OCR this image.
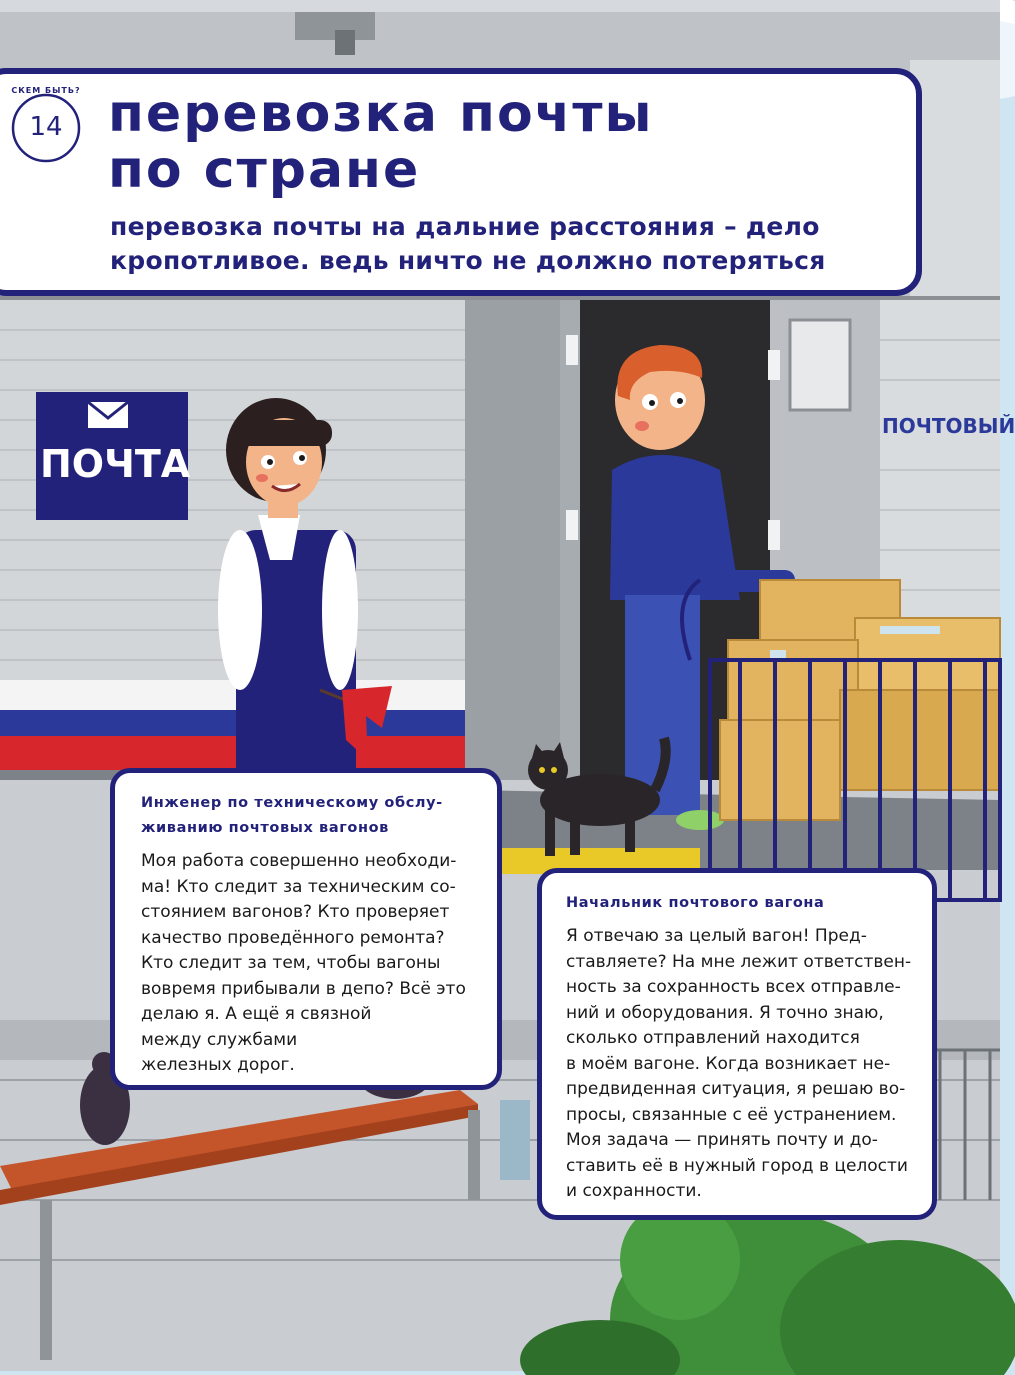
ПОЧТА
ПОЧТОВЫЙ
СКЕМ БЫТЬ?
14 перевозка почты
по стране
перевозка почты на дальние расстояния – дело
кропотливое. ведь ничто не должно потеряться
Инженер по техническому обслу-
живанию почтовых вагонов
Моя работа совершенно необходи-
ма! Кто следит за техническим со-
стоянием вагонов? Кто проверяет
качество проведённого ремонта?
Кто следит за тем, чтобы вагоны
вовремя прибывали в депо? Всё это
делаю я. А ещё я связной
между службами
железных дорог.
Начальник почтового вагона
Я отвечаю за целый вагон! Пред-
ставляете? На мне лежит ответствен-
ность за сохранность всех отправле-
ний и оборудования. Я точно знаю,
сколько отправлений находится
в моём вагоне. Когда возникает не-
предвиденная ситуация, я решаю во-
просы, связанные с её устранением.
Моя задача — принять почту и до-
ставить её в нужный город в целости
и сохранности.
